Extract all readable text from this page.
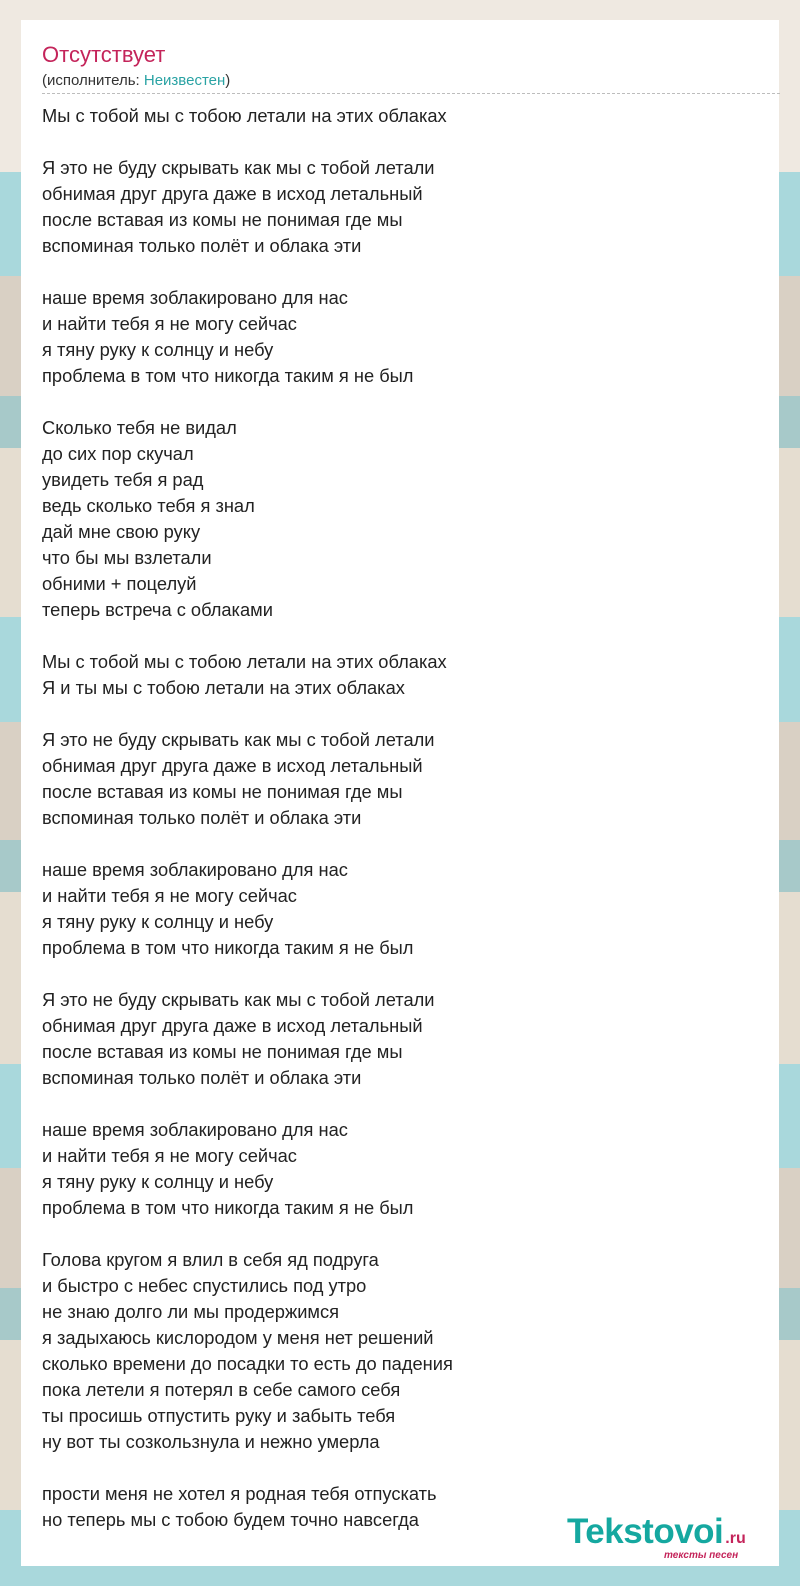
Отсутствует
(исполнитель: Неизвестен)
Мы с тобой мы с тобою летали на этих облаках
Я это не буду скрывать как мы с тобой летали
обнимая друг друга даже в исход летальный
после вставая из комы не понимая где мы
вспоминая только полёт и облака эти
наше время зоблакировано для нас
и найти тебя я не могу сейчас
я тяну руку к солнцу и небу
проблема в том что никогда таким я не был
Сколько тебя не видал
до сих пор скучал
увидеть тебя я рад
ведь сколько тебя я знал
дай мне свою руку
что бы мы взлетали
обними + поцелуй
теперь встреча с облаками
Мы с тобой мы с тобою летали на этих облаках
Я и ты мы с тобою летали на этих облаках
Я это не буду скрывать как мы с тобой летали
обнимая друг друга даже в исход летальный
после вставая из комы не понимая где мы
вспоминая только полёт и облака эти
наше время зоблакировано для нас
и найти тебя я не могу сейчас
я тяну руку к солнцу и небу
проблема в том что никогда таким я не был
Я это не буду скрывать как мы с тобой летали
обнимая друг друга даже в исход летальный
после вставая из комы не понимая где мы
вспоминая только полёт и облака эти
наше время зоблакировано для нас
и найти тебя я не могу сейчас
я тяну руку к солнцу и небу
проблема в том что никогда таким я не был
Голова кругом я влил в себя яд подруга
и быстро с небес спустились под утро
не знаю долго ли мы продержимся
я задыхаюсь кислородом у меня нет решений
сколько времени до посадки то есть до падения
пока летели я потерял в себе самого себя
ты просишь отпустить руку и забыть тебя
ну вот ты созкользнула и нежно умерла
прости меня не хотел я родная тебя отпускать
но теперь мы с тобою будем точно навсегда	Tekstovoi .ru
тексты песен
